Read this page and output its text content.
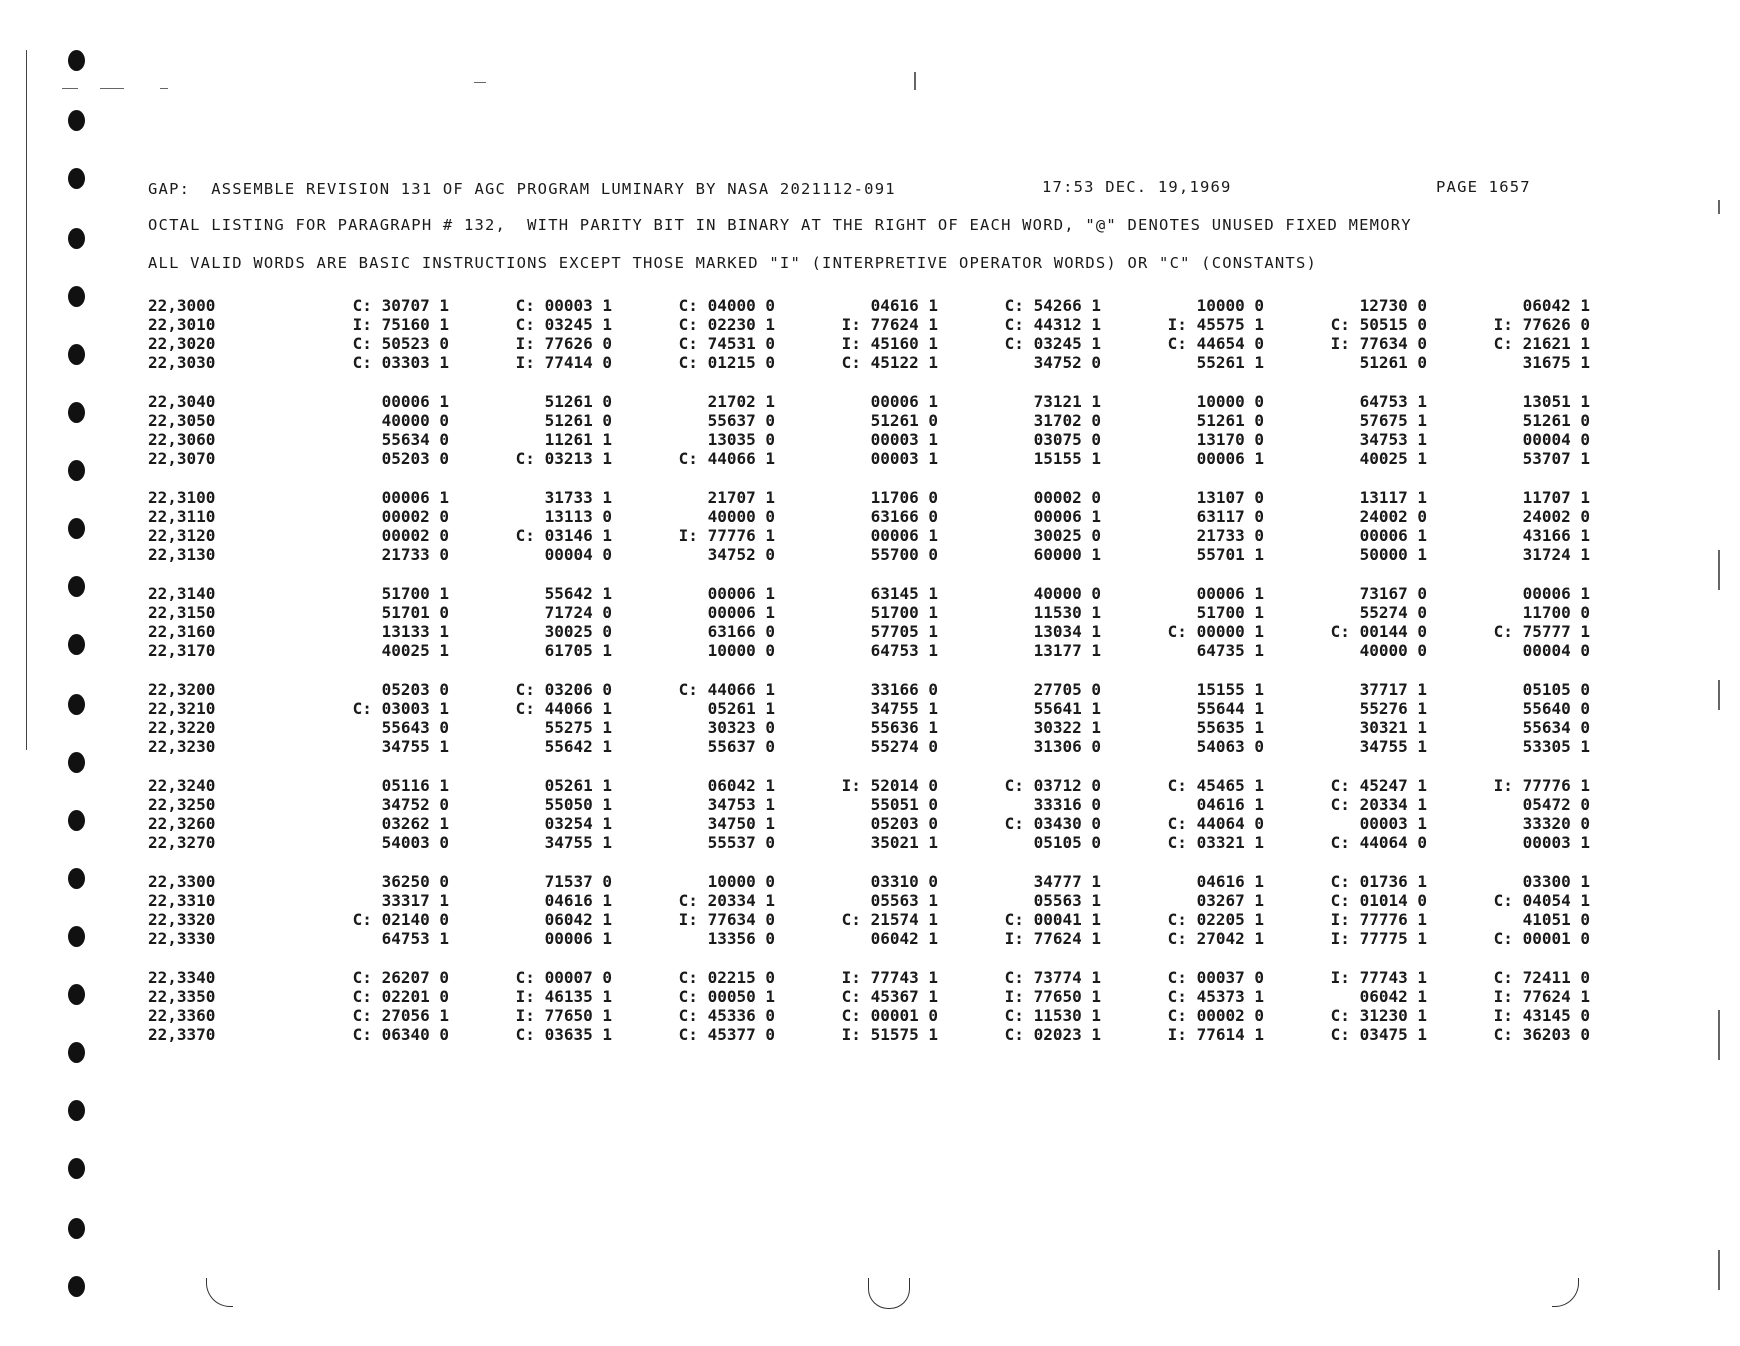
GAP:  ASSEMBLE REVISION 131 OF AGC PROGRAM LUMINARY BY NASA 2021112-091	17:53 DEC. 19,1969	PAGE 1657
OCTAL LISTING FOR PARAGRAPH # 132,  WITH PARITY BIT IN BINARY AT THE RIGHT OF EACH WORD, "@" DENOTES UNUSED FIXED MEMORY
ALL VALID WORDS ARE BASIC INSTRUCTIONS EXCEPT THOSE MARKED "I" (INTERPRETIVE OPERATOR WORDS) OR "C" (CONSTANTS)
22,3000	C: 30707 1	C: 00003 1	C: 04000 0	04616 1	C: 54266 1	10000 0	12730 0	06042 1
22,3010	I: 75160 1	C: 03245 1	C: 02230 1	I: 77624 1	C: 44312 1	I: 45575 1	C: 50515 0	I: 77626 0
22,3020	C: 50523 0	I: 77626 0	C: 74531 0	I: 45160 1	C: 03245 1	C: 44654 0	I: 77634 0	C: 21621 1
22,3030	C: 03303 1	I: 77414 0	C: 01215 0	C: 45122 1	34752 0	55261 1	51261 0	31675 1
22,3040	00006 1	51261 0	21702 1	00006 1	73121 1	10000 0	64753 1	13051 1
22,3050	40000 0	51261 0	55637 0	51261 0	31702 0	51261 0	57675 1	51261 0
22,3060	55634 0	11261 1	13035 0	00003 1	03075 0	13170 0	34753 1	00004 0
22,3070	05203 0	C: 03213 1	C: 44066 1	00003 1	15155 1	00006 1	40025 1	53707 1
22,3100	00006 1	31733 1	21707 1	11706 0	00002 0	13107 0	13117 1	11707 1
22,3110	00002 0	13113 0	40000 0	63166 0	00006 1	63117 0	24002 0	24002 0
22,3120	00002 0	C: 03146 1	I: 77776 1	00006 1	30025 0	21733 0	00006 1	43166 1
22,3130	21733 0	00004 0	34752 0	55700 0	60000 1	55701 1	50000 1	31724 1
22,3140	51700 1	55642 1	00006 1	63145 1	40000 0	00006 1	73167 0	00006 1
22,3150	51701 0	71724 0	00006 1	51700 1	11530 1	51700 1	55274 0	11700 0
22,3160	13133 1	30025 0	63166 0	57705 1	13034 1	C: 00000 1	C: 00144 0	C: 75777 1
22,3170	40025 1	61705 1	10000 0	64753 1	13177 1	64735 1	40000 0	00004 0
22,3200	05203 0	C: 03206 0	C: 44066 1	33166 0	27705 0	15155 1	37717 1	05105 0
22,3210	C: 03003 1	C: 44066 1	05261 1	34755 1	55641 1	55644 1	55276 1	55640 0
22,3220	55643 0	55275 1	30323 0	55636 1	30322 1	55635 1	30321 1	55634 0
22,3230	34755 1	55642 1	55637 0	55274 0	31306 0	54063 0	34755 1	53305 1
22,3240	05116 1	05261 1	06042 1	I: 52014 0	C: 03712 0	C: 45465 1	C: 45247 1	I: 77776 1
22,3250	34752 0	55050 1	34753 1	55051 0	33316 0	04616 1	C: 20334 1	05472 0
22,3260	03262 1	03254 1	34750 1	05203 0	C: 03430 0	C: 44064 0	00003 1	33320 0
22,3270	54003 0	34755 1	55537 0	35021 1	05105 0	C: 03321 1	C: 44064 0	00003 1
22,3300	36250 0	71537 0	10000 0	03310 0	34777 1	04616 1	C: 01736 1	03300 1
22,3310	33317 1	04616 1	C: 20334 1	05563 1	05563 1	03267 1	C: 01014 0	C: 04054 1
22,3320	C: 02140 0	06042 1	I: 77634 0	C: 21574 1	C: 00041 1	C: 02205 1	I: 77776 1	41051 0
22,3330	64753 1	00006 1	13356 0	06042 1	I: 77624 1	C: 27042 1	I: 77775 1	C: 00001 0
22,3340	C: 26207 0	C: 00007 0	C: 02215 0	I: 77743 1	C: 73774 1	C: 00037 0	I: 77743 1	C: 72411 0
22,3350	C: 02201 0	I: 46135 1	C: 00050 1	C: 45367 1	I: 77650 1	C: 45373 1	06042 1	I: 77624 1
22,3360	C: 27056 1	I: 77650 1	C: 45336 0	C: 00001 0	C: 11530 1	C: 00002 0	C: 31230 1	I: 43145 0
22,3370	C: 06340 0	C: 03635 1	C: 45377 0	I: 51575 1	C: 02023 1	I: 77614 1	C: 03475 1	C: 36203 0
